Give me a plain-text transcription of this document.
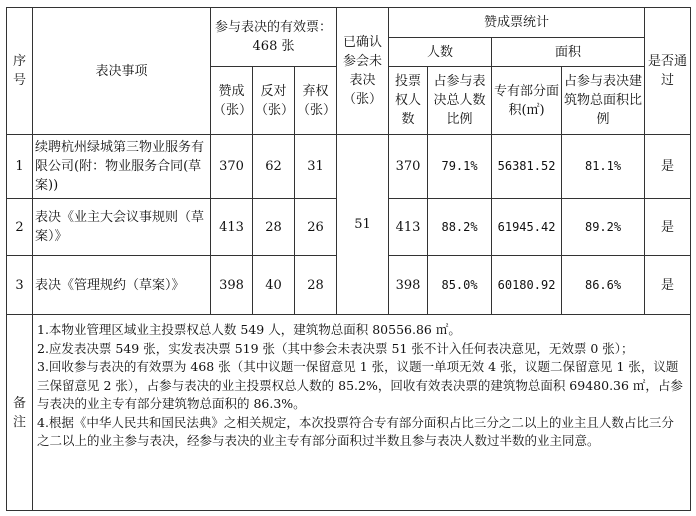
序号	表决事项	参与表决的有效票：468 张			已确认参会未表决（张）	赞成票统计				是否通过
						人数		面积		
		赞成（张）	反对（张）	弃权（张）		投票权人数	占参与表决总人数比例	专有部分面积(㎡)	占参与表决建筑物总面积比例	
1	续聘杭州绿城第三物业服务有限公司(附：物业服务合同(草案))	370	62	31	51	370	79.1%	56381.52	81.1%	是
2	表决《业主大会议事规则（草案）》	413	28	26		413	88.2%	61945.42	89.2%	是
3	表决《管理规约（草案）》	398	40	28		398	85.0%	60180.92	86.6%	是
备注	1.本物业管理区域业主投票权总人数 549 人，建筑物总面积 80556.86 ㎡。

2.应发表决票 549 张，实发表决票 519 张（其中参会未表决票 51 张不计入任何表决意见，无效票 0 张）；

3.回收参与表决的有效票为 468 张（其中议题一保留意见 1 张，议题一单项无效 4 张，议题二保留意见 1 张，议题三保留意见 2 张），占参与表决的业主投票权总人数的 85.2%，回收有效表决票的建筑物总面积 69480.36 ㎡，占参与表决的业主专有部分建筑物总面积的 86.3%。

4.根据《中华人民共和国民法典》之相关规定，本次投票符合专有部分面积占比三分之二以上的业主且人数占比三分之二以上的业主参与表决，经参与表决的业主专有部分面积过半数且参与表决人数过半数的业主同意。									
